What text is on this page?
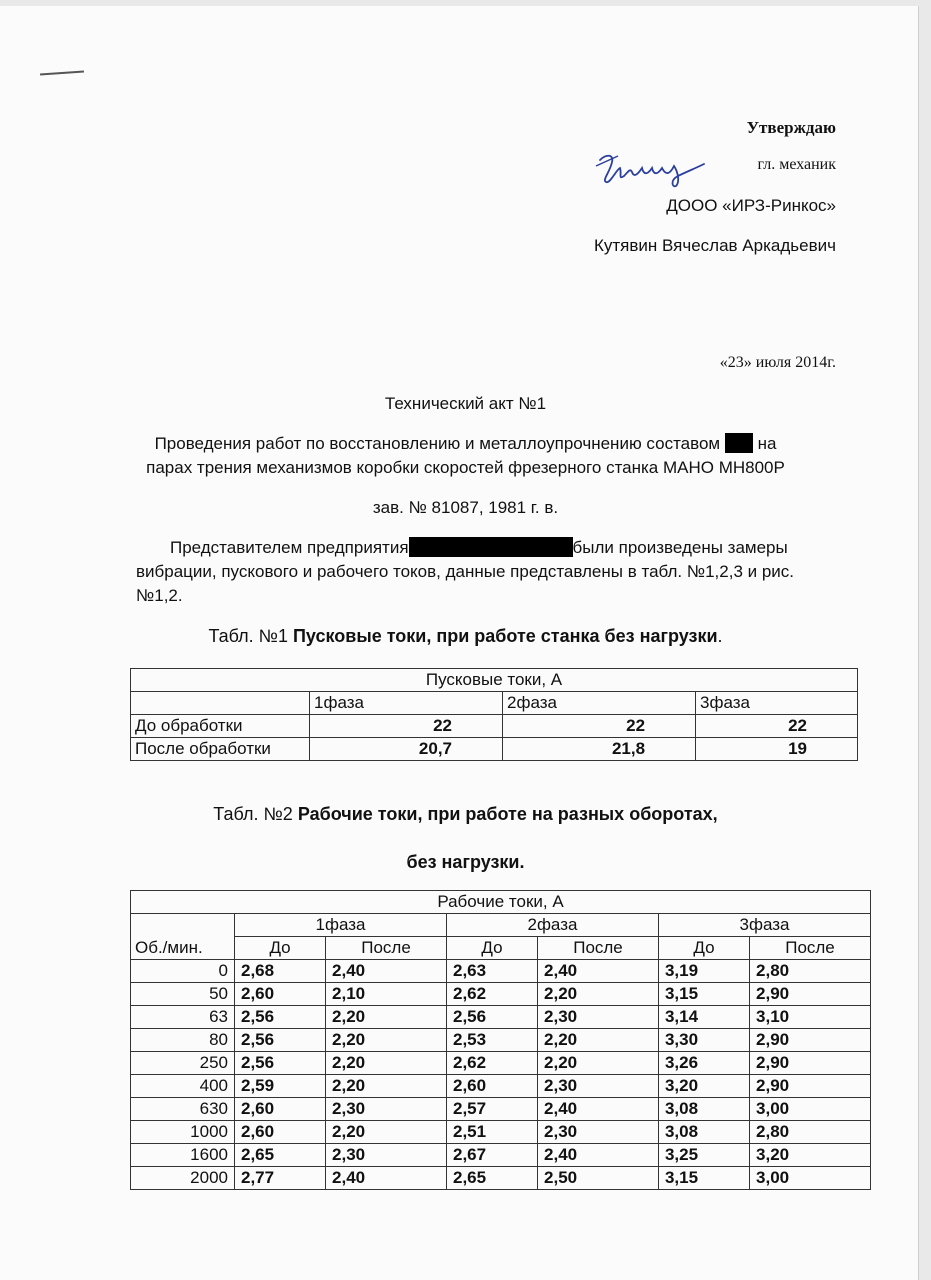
Утверждаю
гл. механик
ДООО «ИРЗ-Ринкос»
Кутявин Вячеслав Аркадьевич
«23» июля 2014г.
Технический акт №1
Проведения работ по восстановлению и металлоупрочнению составом на
парах трения механизмов коробки скоростей фрезерного станка МАНО МН800Р
зав. № 81087, 1981 г. в.
Представителем предприятия	были произведены замеры вибрации, пускового и рабочего токов, данные представлены в табл. №1,2,3 и рис.№1,2.
Табл. №1 Пусковые токи, при работе станка без нагрузки.
Пусковые токи, А			
	1фаза	2фаза	3фаза
До обработки	22	22	22
После обработки	20,7	21,8	19
Табл. №2 Рабочие токи, при работе на разных оборотах,
без нагрузки.
Рабочие токи, А						
Об./мин.	1фаза		2фаза		3фаза	
	До	После	До	После	До	После
0	2,68	2,40	2,63	2,40	3,19	2,80
50	2,60	2,10	2,62	2,20	3,15	2,90
63	2,56	2,20	2,56	2,30	3,14	3,10
80	2,56	2,20	2,53	2,20	3,30	2,90
250	2,56	2,20	2,62	2,20	3,26	2,90
400	2,59	2,20	2,60	2,30	3,20	2,90
630	2,60	2,30	2,57	2,40	3,08	3,00
1000	2,60	2,20	2,51	2,30	3,08	2,80
1600	2,65	2,30	2,67	2,40	3,25	3,20
2000	2,77	2,40	2,65	2,50	3,15	3,00
